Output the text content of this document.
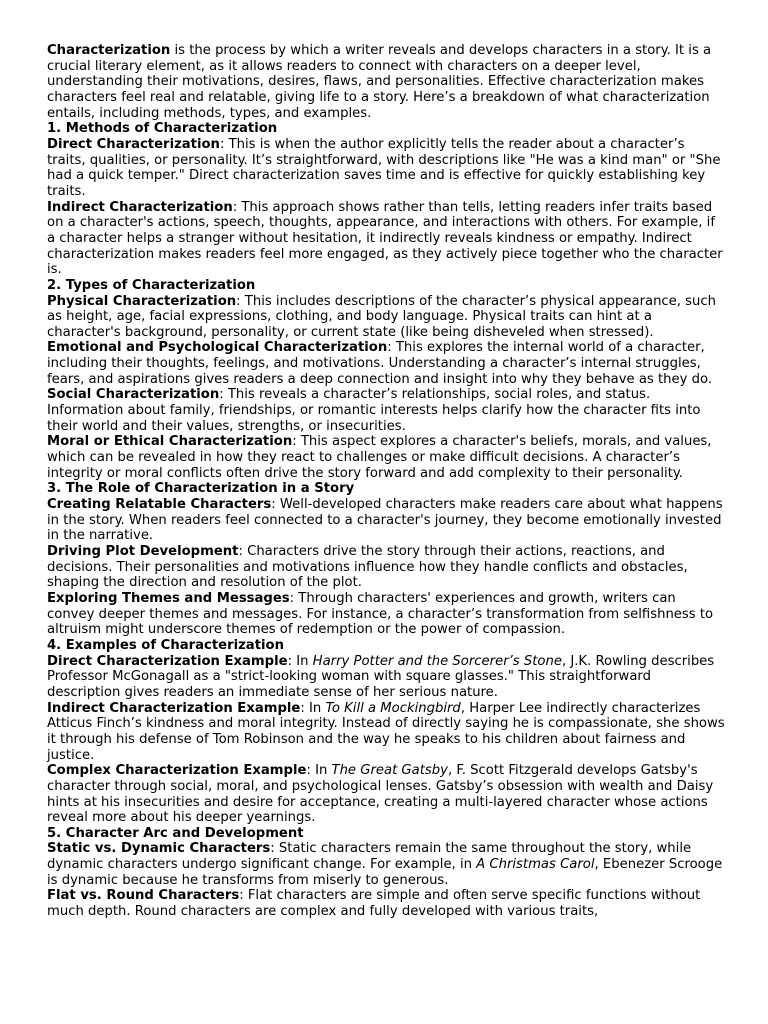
Characterization is the process by which a writer reveals and develops characters in a story. It is a crucial literary element, as it allows readers to connect with characters on a deeper level, understanding their motivations, desires, flaws, and personalities. Effective characterization makes characters feel real and relatable, giving life to a story. Here’s a breakdown of what characterization entails, including methods, types, and examples.

1. Methods of Characterization

Direct Characterization: This is when the author explicitly tells the reader about a character’s traits, qualities, or personality. It’s straightforward, with descriptions like "He was a kind man" or "She had a quick temper." Direct characterization saves time and is effective for quickly establishing key traits.

Indirect Characterization: This approach shows rather than tells, letting readers infer traits based on a character's actions, speech, thoughts, appearance, and interactions with others. For example, if a character helps a stranger without hesitation, it indirectly reveals kindness or empathy. Indirect characterization makes readers feel more engaged, as they actively piece together who the character is.

2. Types of Characterization

Physical Characterization: This includes descriptions of the character’s physical appearance, such as height, age, facial expressions, clothing, and body language. Physical traits can hint at a character's background, personality, or current state (like being disheveled when stressed).

Emotional and Psychological Characterization: This explores the internal world of a character, including their thoughts, feelings, and motivations. Understanding a character’s internal struggles, fears, and aspirations gives readers a deep connection and insight into why they behave as they do.

Social Characterization: This reveals a character’s relationships, social roles, and status. Information about family, friendships, or romantic interests helps clarify how the character fits into their world and their values, strengths, or insecurities.

Moral or Ethical Characterization: This aspect explores a character's beliefs, morals, and values, which can be revealed in how they react to challenges or make difficult decisions. A character’s integrity or moral conflicts often drive the story forward and add complexity to their personality.

3. The Role of Characterization in a Story

Creating Relatable Characters: Well-developed characters make readers care about what happens in the story. When readers feel connected to a character's journey, they become emotionally invested in the narrative.

Driving Plot Development: Characters drive the story through their actions, reactions, and decisions. Their personalities and motivations influence how they handle conflicts and obstacles, shaping the direction and resolution of the plot.

Exploring Themes and Messages: Through characters' experiences and growth, writers can convey deeper themes and messages. For instance, a character’s transformation from selfishness to altruism might underscore themes of redemption or the power of compassion.

4. Examples of Characterization

Direct Characterization Example: In Harry Potter and the Sorcerer’s Stone, J.K. Rowling describes Professor McGonagall as a "strict-looking woman with square glasses." This straightforward description gives readers an immediate sense of her serious nature.

Indirect Characterization Example: In To Kill a Mockingbird, Harper Lee indirectly characterizes Atticus Finch’s kindness and moral integrity. Instead of directly saying he is compassionate, she shows it through his defense of Tom Robinson and the way he speaks to his children about fairness and justice.

Complex Characterization Example: In The Great Gatsby, F. Scott Fitzgerald develops Gatsby's character through social, moral, and psychological lenses. Gatsby’s obsession with wealth and Daisy hints at his insecurities and desire for acceptance, creating a multi-layered character whose actions reveal more about his deeper yearnings.

5. Character Arc and Development

Static vs. Dynamic Characters: Static characters remain the same throughout the story, while dynamic characters undergo significant change. For example, in A Christmas Carol, Ebenezer Scrooge is dynamic because he transforms from miserly to generous.

Flat vs. Round Characters: Flat characters are simple and often serve specific functions without much depth. Round characters are complex and fully developed with various traits,
